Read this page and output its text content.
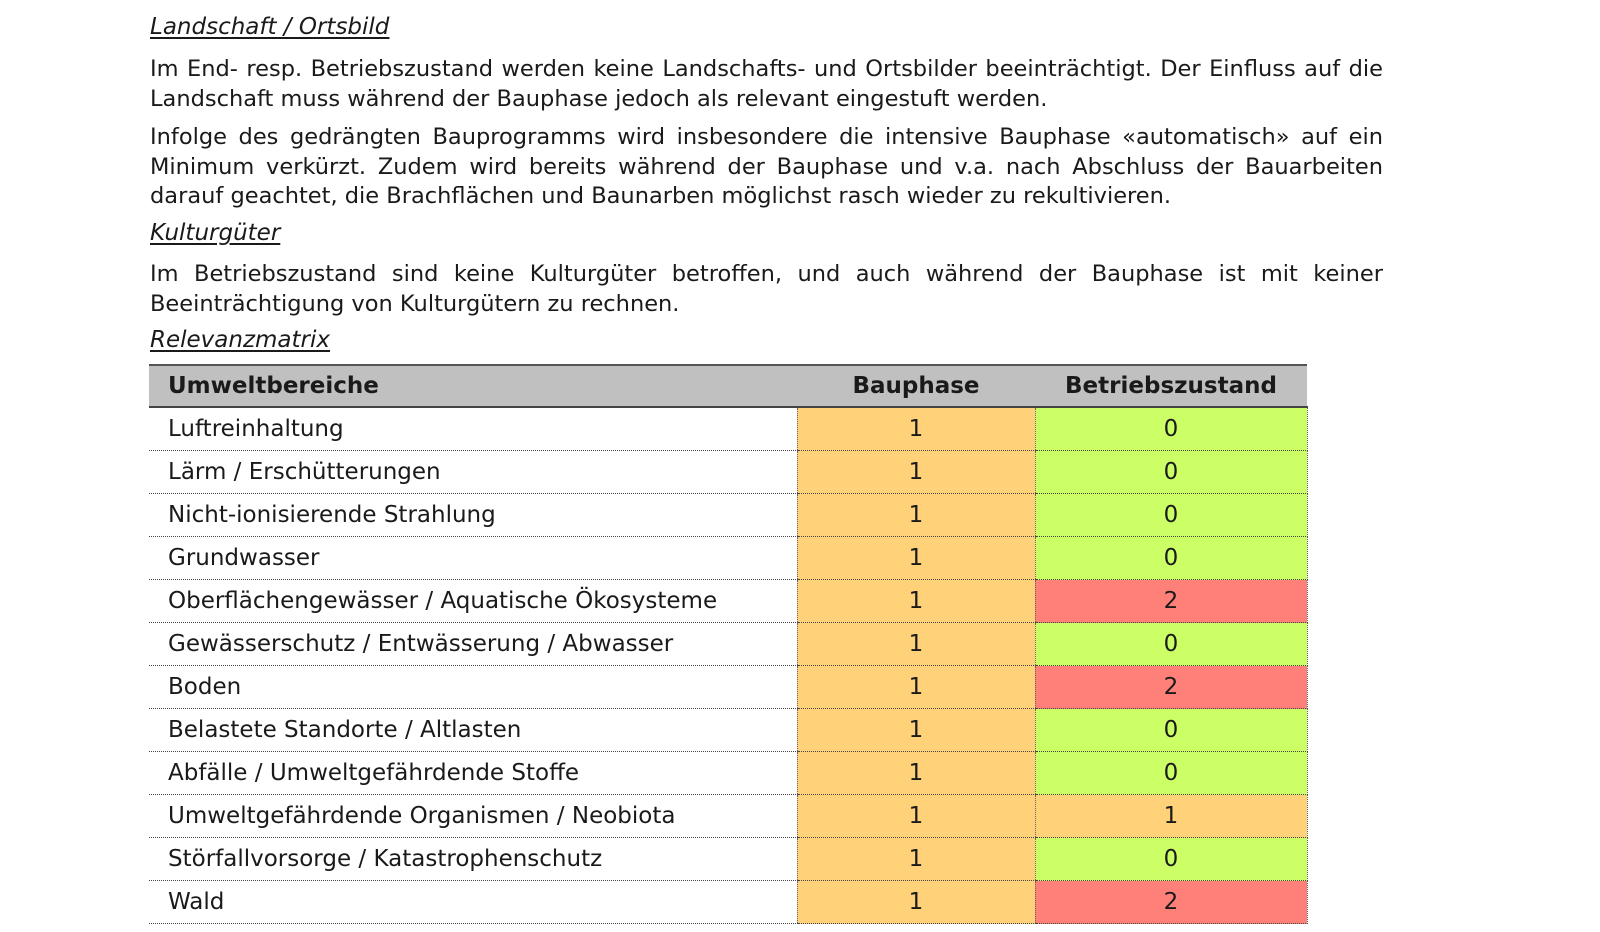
Landschaft / Ortsbild
Im End- resp. Betriebszustand werden keine Landschafts- und Ortsbilder beeinträchtigt. Der Einfluss auf die Landschaft muss während der Bauphase jedoch als relevant eingestuft werden.
Infolge des gedrängten Bauprogramms wird insbesondere die intensive Bauphase «automatisch» auf ein Minimum verkürzt. Zudem wird bereits während der Bauphase und v.a. nach Abschluss der Bauarbeiten darauf geachtet, die Brachflächen und Baunarben möglichst rasch wieder zu rekultivieren.
Kulturgüter
Im Betriebszustand sind keine Kulturgüter betroffen, und auch während der Bauphase ist mit keiner Beeinträchtigung von Kulturgütern zu rechnen.
Relevanzmatrix
Umweltbereiche	Bauphase	Betriebszustand
Luftreinhaltung	1	0
Lärm / Erschütterungen	1	0
Nicht-ionisierende Strahlung	1	0
Grundwasser	1	0
Oberflächengewässer / Aquatische Ökosysteme	1	2
Gewässerschutz / Entwässerung / Abwasser	1	0
Boden	1	2
Belastete Standorte / Altlasten	1	0
Abfälle / Umweltgefährdende Stoffe	1	0
Umweltgefährdende Organismen / Neobiota	1	1
Störfallvorsorge / Katastrophenschutz	1	0
Wald	1	2
